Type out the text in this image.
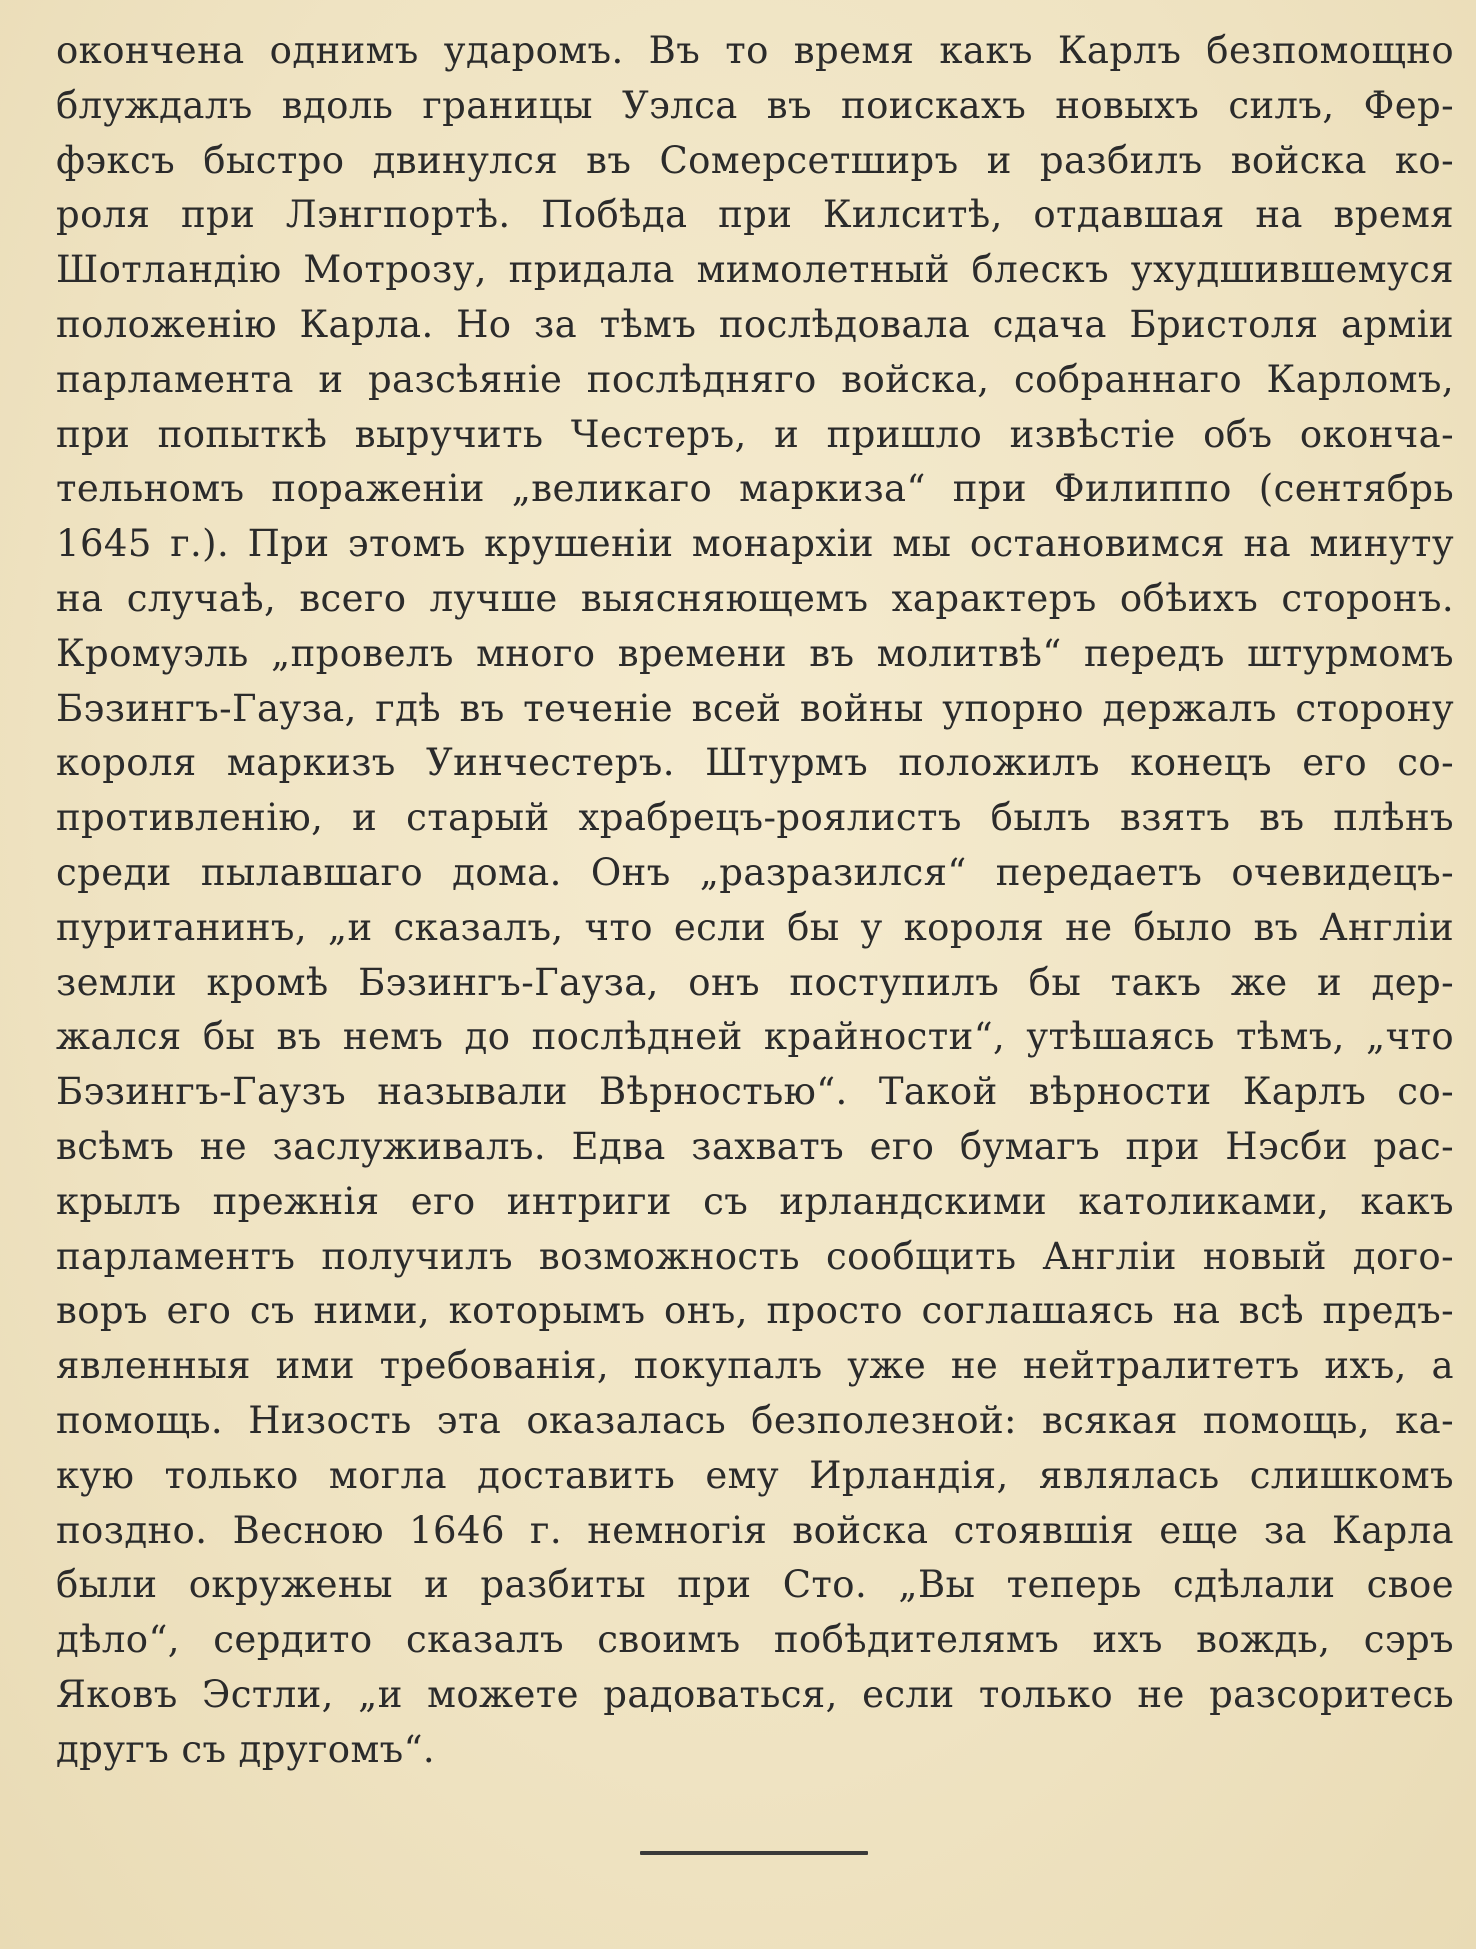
окончена однимъ ударомъ. Въ то время какъ Карлъ безпомощно
блуждалъ вдоль границы Уэлса въ поискахъ новыхъ силъ, Фер-
фэксъ быстро двинулся въ Сомерсетширъ и разбилъ войска ко-
роля при Лэнгпортѣ. Побѣда при Килситѣ, отдавшая на время
Шотландію Мотрозу, придала мимолетный блескъ ухудшившемуся
положенію Карла. Но за тѣмъ послѣдовала сдача Бристоля арміи
парламента и разсѣяніе послѣдняго войска, собраннаго Карломъ,
при попыткѣ выручить Честеръ, и пришло извѣстіе объ оконча-
тельномъ пораженіи „великаго маркиза“ при Филиппо (сентябрь
1645 г.). При этомъ крушеніи монархіи мы остановимся на минуту
на случаѣ, всего лучше выясняющемъ характеръ обѣихъ сторонъ.
Кромуэль „провелъ много времени въ молитвѣ“ передъ штурмомъ
Бэзингъ-Гауза, гдѣ въ теченіе всей войны упорно держалъ сторону
короля маркизъ Уинчестеръ. Штурмъ положилъ конецъ его со-
противленію, и старый храбрецъ-роялистъ былъ взятъ въ плѣнъ
среди пылавшаго дома. Онъ „разразился“ передаетъ очевидецъ-
пуританинъ, „и сказалъ, что если бы у короля не было въ Англіи
земли кромѣ Бэзингъ-Гауза, онъ поступилъ бы такъ же и дер-
жался бы въ немъ до послѣдней крайности“, утѣшаясь тѣмъ, „что
Бэзингъ-Гаузъ называли Вѣрностью“. Такой вѣрности Карлъ со-
всѣмъ не заслуживалъ. Едва захватъ его бумагъ при Нэсби рас-
крылъ прежнія его интриги съ ирландскими католиками, какъ
парламентъ получилъ возможность сообщить Англіи новый дого-
воръ его съ ними, которымъ онъ, просто соглашаясь на всѣ предъ-
явленныя ими требованія, покупалъ уже не нейтралитетъ ихъ, а
помощь. Низость эта оказалась безполезной: всякая помощь, ка-
кую только могла доставить ему Ирландія, являлась слишкомъ
поздно. Весною 1646 г. немногія войска стоявшія еще за Карла
были окружены и разбиты при Сто. „Вы теперь сдѣлали свое
дѣло“, сердито сказалъ своимъ побѣдителямъ ихъ вождь, сэръ
Яковъ Эстли, „и можете радоваться, если только не разсоритесь
другъ съ другомъ“.
